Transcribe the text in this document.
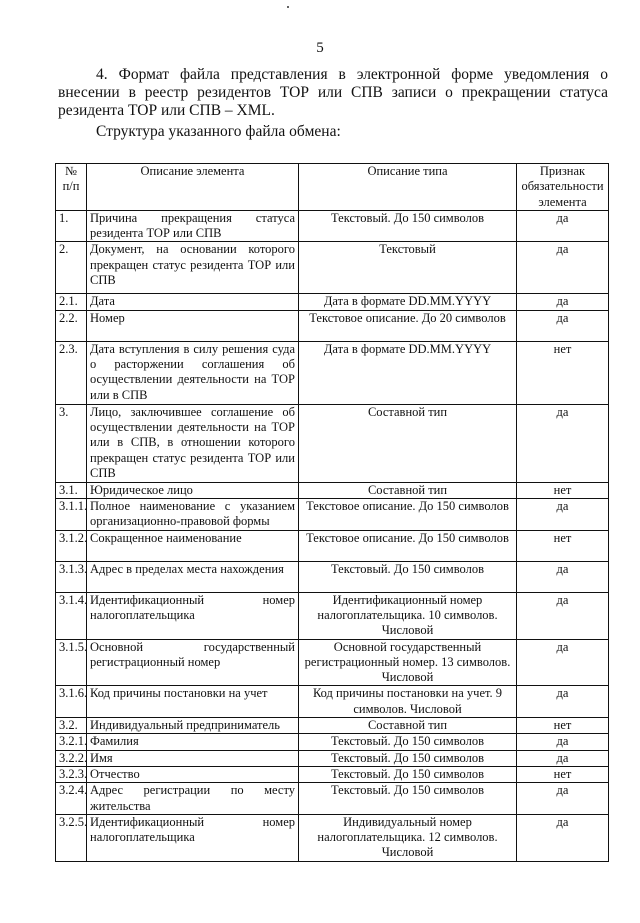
5
4. Формат файла представления в электронной форме уведомления о внесении в реестр резидентов ТОР или СПВ записи о прекращении статуса резидента ТОР или СПВ – XML.
Структура указанного файла обмена:
№ п/п	Описание элемента	Описание типа	Признак обязательности элемента
1.	Причина прекращения статуса резидента ТОР или СПВ	Текстовый. До 150 символов	да
2.	Документ, на основании которого прекращен статус резидента ТОР или СПВ	Текстовый	да
2.1.	Дата	Дата в формате DD.MM.YYYY	да
2.2.	Номер	Текстовое описание. До 20 символов	да
2.3.	Дата вступления в силу решения суда о расторжении соглашения об осуществлении деятельности на ТОР или в СПВ	Дата в формате DD.MM.YYYY	нет
3.	Лицо, заключившее соглашение об осуществлении деятельности на ТОР или в СПВ, в отношении которого прекращен статус резидента ТОР или СПВ	Составной тип	да
3.1.	Юридическое лицо	Составной тип	нет
3.1.1.	Полное наименование с указанием организационно-правовой формы	Текстовое описание. До 150 символов	да
3.1.2.	Сокращенное наименование	Текстовое описание. До 150 символов	нет
3.1.3.	Адрес в пределах места нахождения	Текстовый. До 150 символов	да
3.1.4.	Идентификационный номер налогоплательщика	Идентификационный номер налогоплательщика. 10 символов. Числовой	да
3.1.5.	Основной государственный регистрационный номер	Основной государственный регистрационный номер. 13 символов. Числовой	да
3.1.6.	Код причины постановки на учет	Код причины постановки на учет. 9 символов. Числовой	да
3.2.	Индивидуальный предприниматель	Составной тип	нет
3.2.1.	Фамилия	Текстовый. До 150 символов	да
3.2.2.	Имя	Текстовый. До 150 символов	да
3.2.3.	Отчество	Текстовый. До 150 символов	нет
3.2.4.	Адрес регистрации по месту жительства	Текстовый. До 150 символов	да
3.2.5.	Идентификационный номер налогоплательщика	Индивидуальный номер налогоплательщика. 12 символов. Числовой	да
